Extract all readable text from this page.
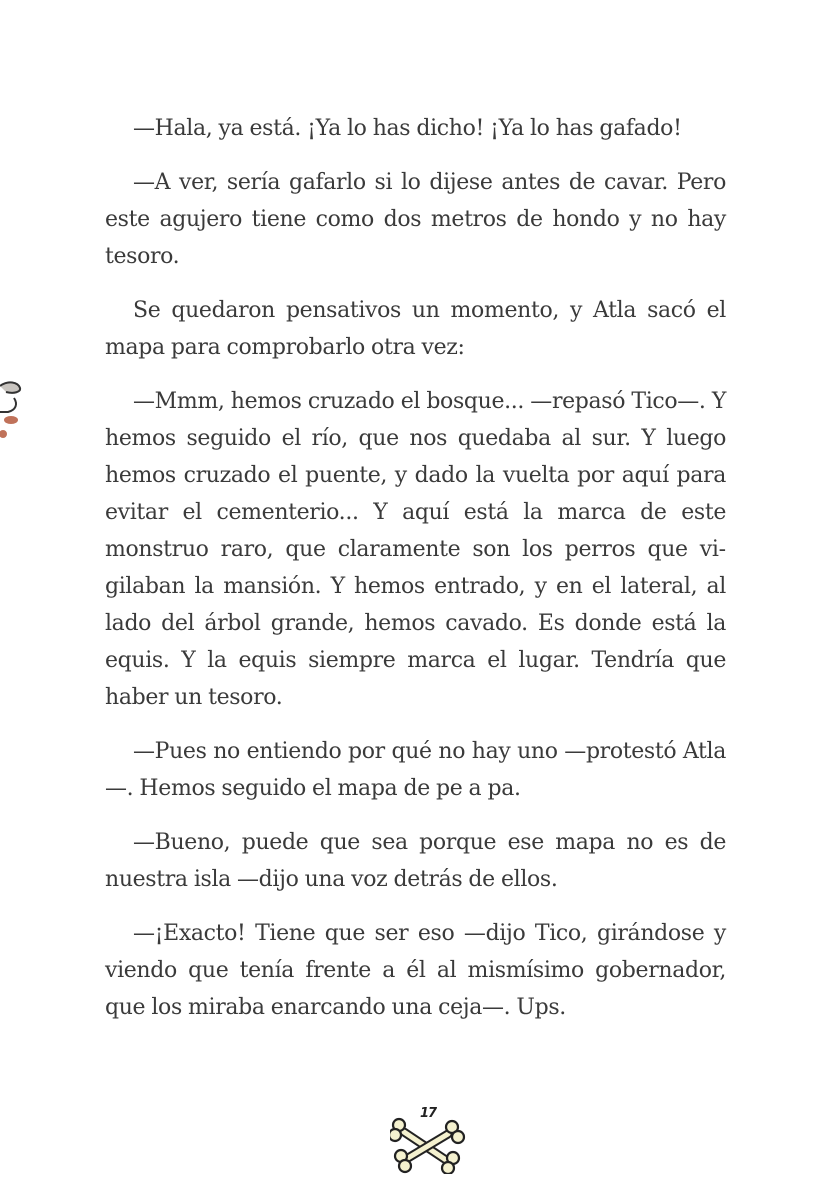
—Hala, ya está. ¡Ya lo has dicho! ¡Ya lo has gafado!

—A ver, sería gafarlo si lo dijese antes de cavar. Pero este agujero tiene como dos metros de hondo y no hay tesoro.

Se quedaron pensativos un momento, y Atla sacó el mapa para comprobarlo otra vez:

—Mmm, hemos cruzado el bosque... —repasó Tico—. Y hemos seguido el río, que nos quedaba al sur. Y luego hemos cruzado el puente, y dado la vuelta por aquí para evitar el cementerio... Y aquí está la marca de este monstruo raro, que claramente son los perros que vigilaban la mansión. Y hemos entrado, y en el lateral, al lado del árbol grande, hemos cavado. Es donde está la equis. Y la equis siempre marca el lugar. Tendría que haber un tesoro.

—Pues no entiendo por qué no hay uno —protestó Atla—. Hemos seguido el mapa de pe a pa.

—Bueno, puede que sea porque ese mapa no es de nuestra isla —dijo una voz detrás de ellos.

—¡Exacto! Tiene que ser eso —dijo Tico, girándose y viendo que tenía frente a él al mismísimo gobernador, que los miraba enarcando una ceja—. Ups.

17
